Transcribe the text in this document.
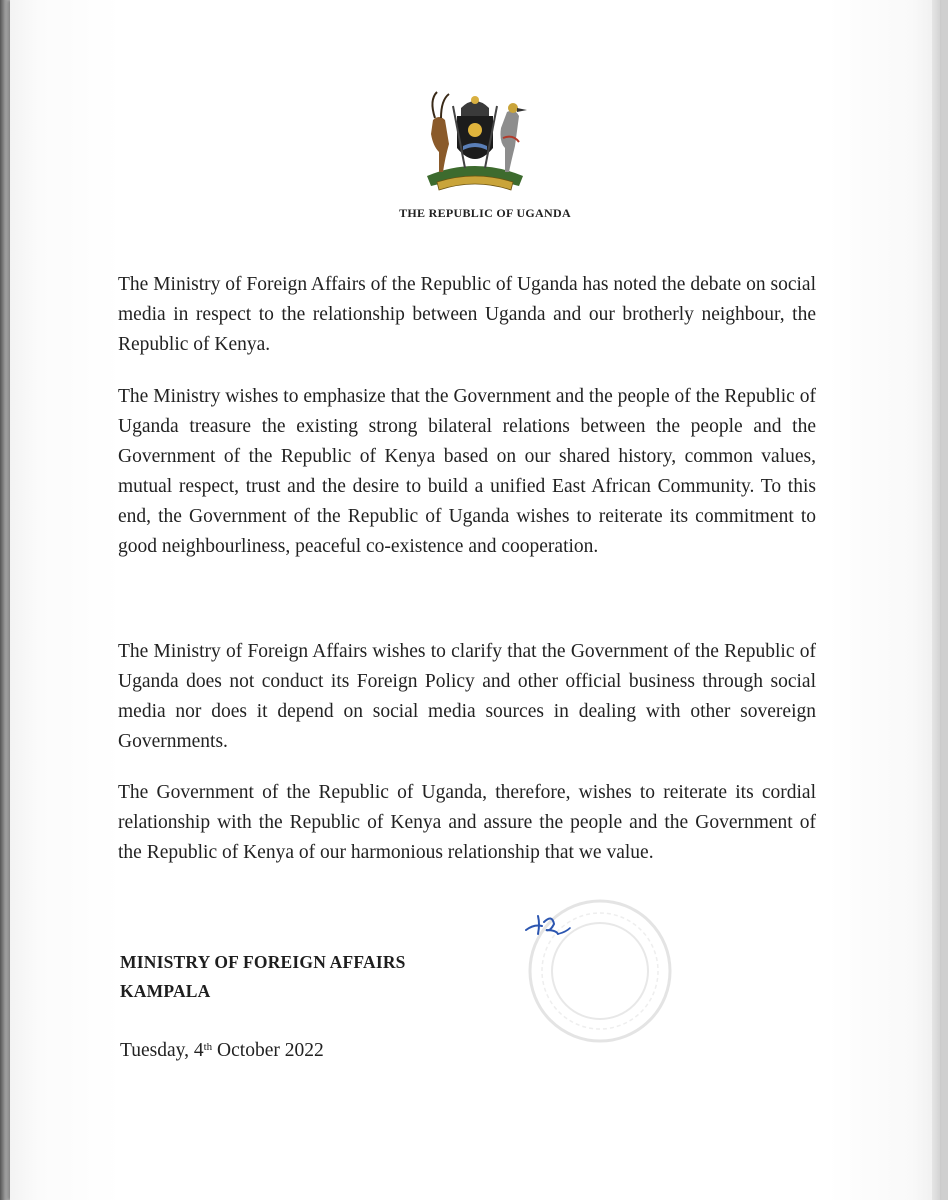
THE REPUBLIC OF UGANDA

The Ministry of Foreign Affairs of the Republic of Uganda has noted the debate on social media in respect to the relationship between Uganda and our brotherly neighbour, the Republic of Kenya.

The Ministry wishes to emphasize that the Government and the people of the Republic of Uganda treasure the existing strong bilateral relations between the people and the Government of the Republic of Kenya based on our shared history, common values, mutual respect, trust and the desire to build a unified East African Community. To this end, the Government of the Republic of Uganda wishes to reiterate its commitment to good neighbourliness, peaceful co-existence and cooperation.

The Ministry of Foreign Affairs wishes to clarify that the Government of the Republic of Uganda does not conduct its Foreign Policy and other official business through social media nor does it depend on social media sources in dealing with other sovereign Governments.

The Government of the Republic of Uganda, therefore, wishes to reiterate its cordial relationship with the Republic of Kenya and assure the people and the Government of the Republic of Kenya of our harmonious relationship that we value.

MINISTRY OF FOREIGN AFFAIRS
KAMPALA

Tuesday, 4th October 2022
